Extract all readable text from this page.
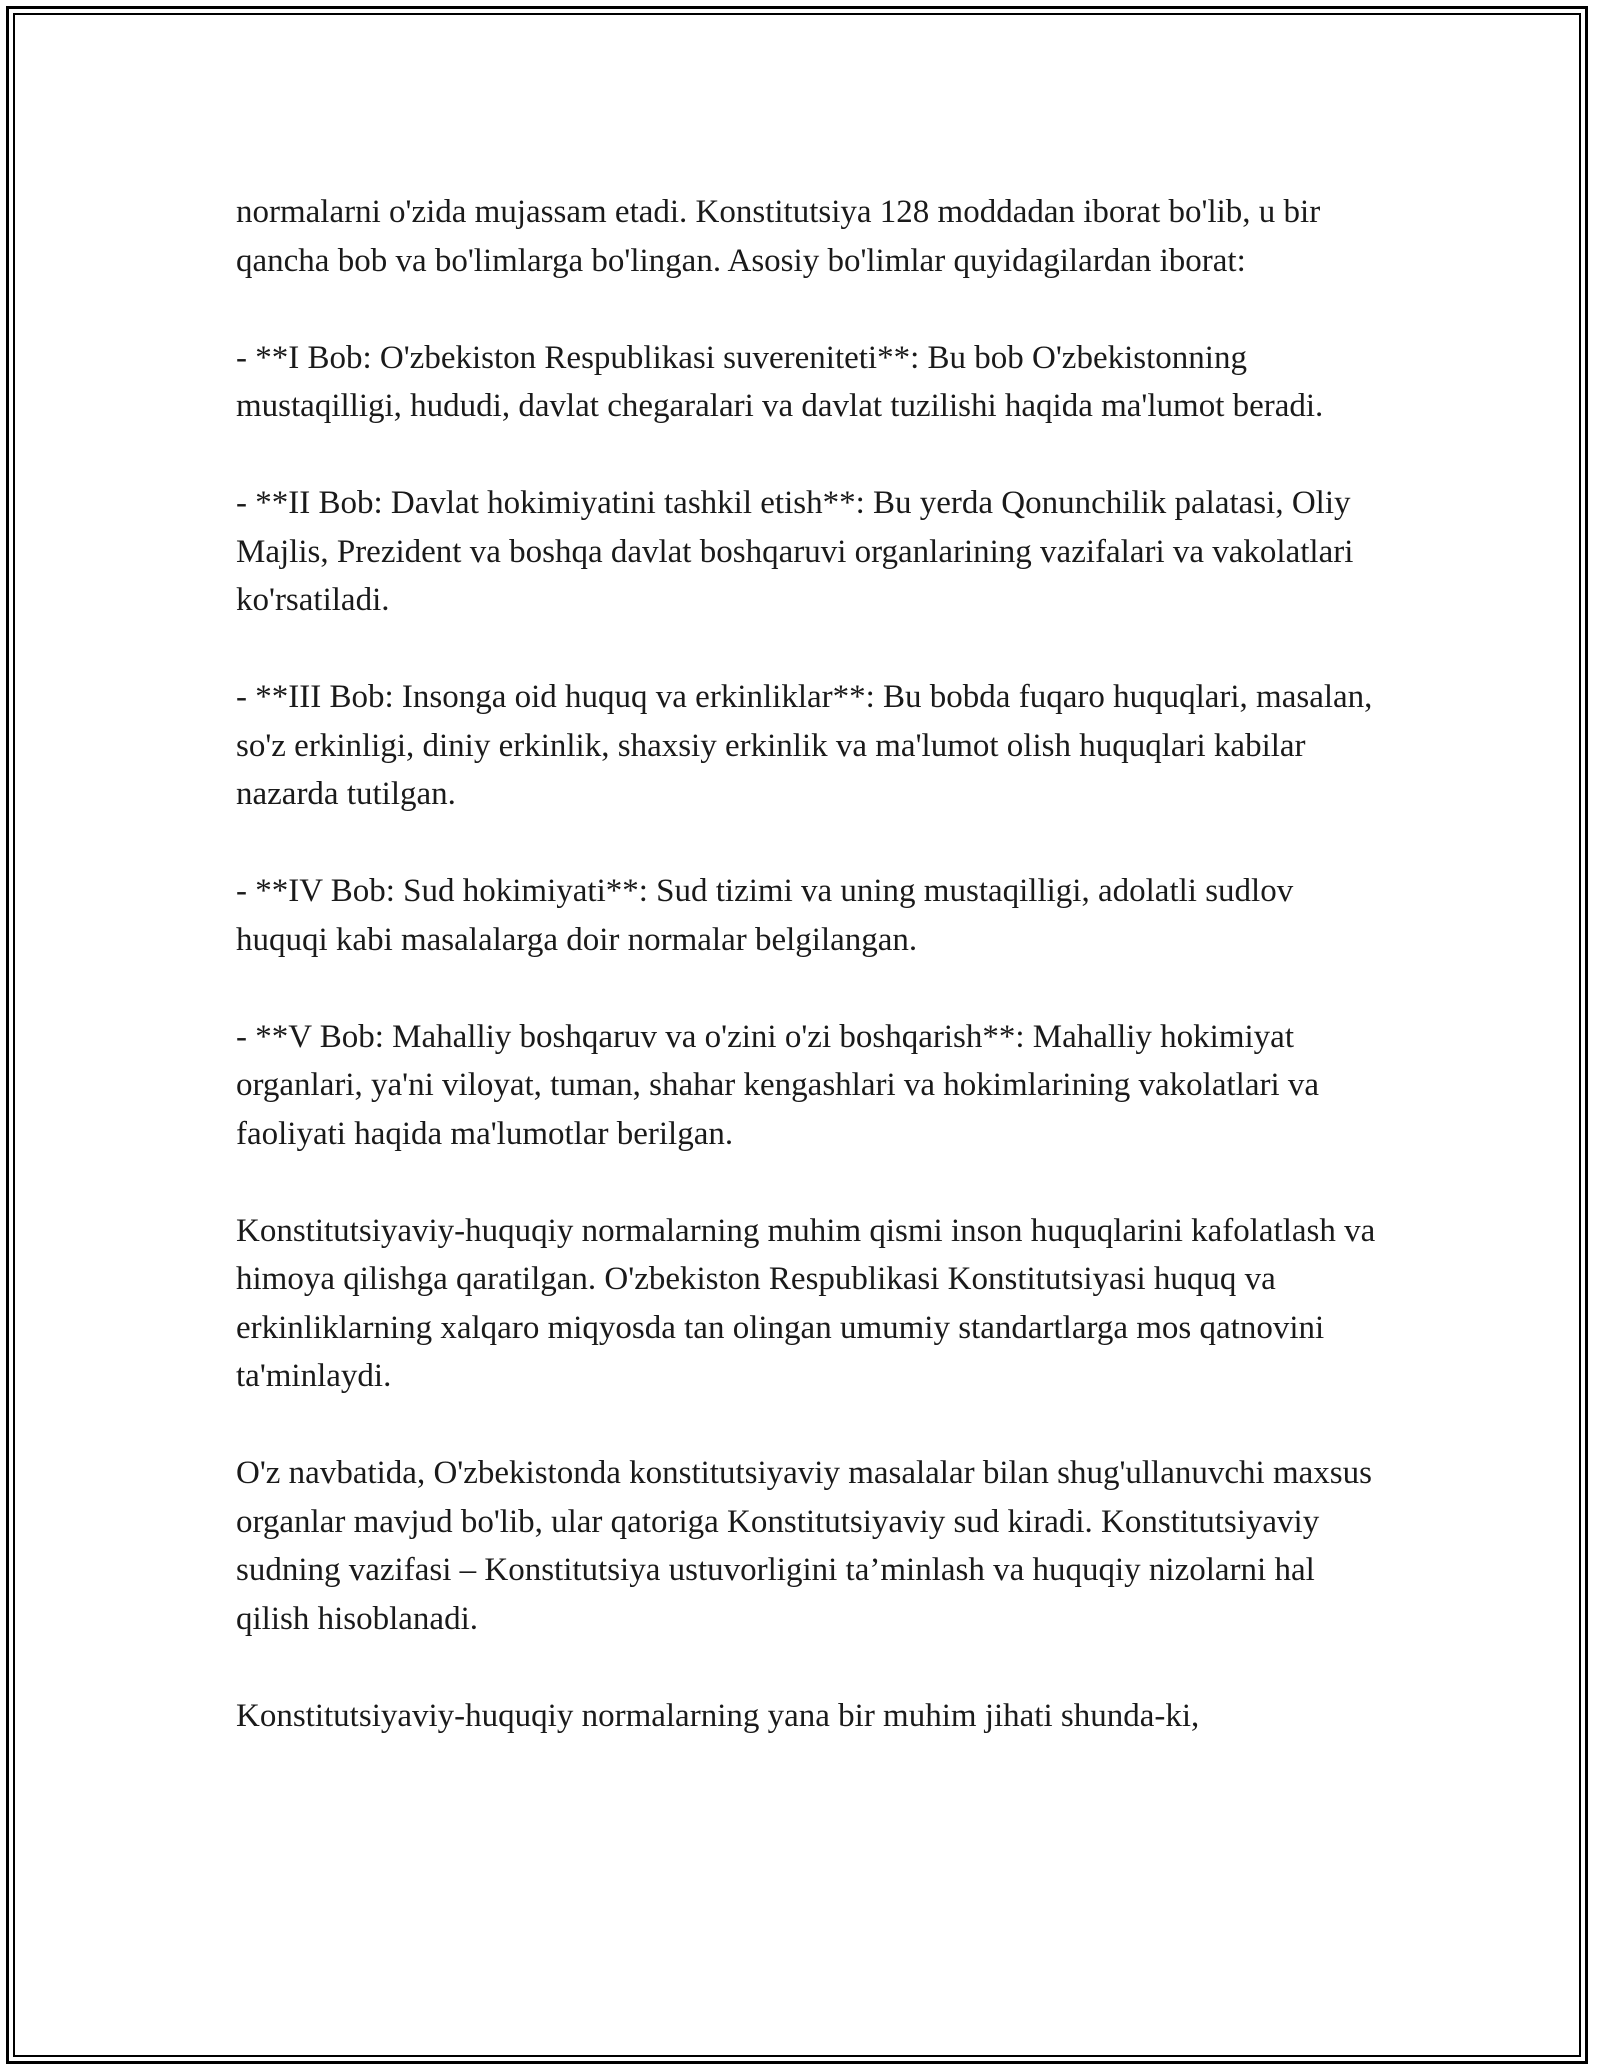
normalarni o'zida mujassam etadi. Konstitutsiya 128 moddadan iborat bo'lib, u bir qancha bob va bo'limlarga bo'lingan. Asosiy bo'limlar quyidagilardan iborat:

- **I Bob: O'zbekiston Respublikasi suvereniteti**: Bu bob O'zbekistonning mustaqilligi, hududi, davlat chegaralari va davlat tuzilishi haqida ma'lumot beradi.

- **II Bob: Davlat hokimiyatini tashkil etish**: Bu yerda Qonunchilik palatasi, Oliy Majlis, Prezident va boshqa davlat boshqaruvi organlarining vazifalari va vakolatlari ko'rsatiladi.

- **III Bob: Insonga oid huquq va erkinliklar**: Bu bobda fuqaro huquqlari, masalan, so'z erkinligi, diniy erkinlik, shaxsiy erkinlik va ma'lumot olish huquqlari kabilar nazarda tutilgan.

- **IV Bob: Sud hokimiyati**: Sud tizimi va uning mustaqilligi, adolatli sudlov huquqi kabi masalalarga doir normalar belgilangan.

- **V Bob: Mahalliy boshqaruv va o'zini o'zi boshqarish**: Mahalliy hokimiyat organlari, ya'ni viloyat, tuman, shahar kengashlari va hokimlarining vakolatlari va faoliyati haqida ma'lumotlar berilgan.

Konstitutsiyaviy-huquqiy normalarning muhim qismi inson huquqlarini kafolatlash va himoya qilishga qaratilgan. O'zbekiston Respublikasi Konstitutsiyasi huquq va erkinliklarning xalqaro miqyosda tan olingan umumiy standartlarga mos qatnovini ta'minlaydi.

O'z navbatida, O'zbekistonda konstitutsiyaviy masalalar bilan shug'ullanuvchi maxsus organlar mavjud bo'lib, ular qatoriga Konstitutsiyaviy sud kiradi. Konstitutsiyaviy sudning vazifasi – Konstitutsiya ustuvorligini ta’minlash va huquqiy nizolarni hal qilish hisoblanadi.

Konstitutsiyaviy-huquqiy normalarning yana bir muhim jihati shunda-ki,
